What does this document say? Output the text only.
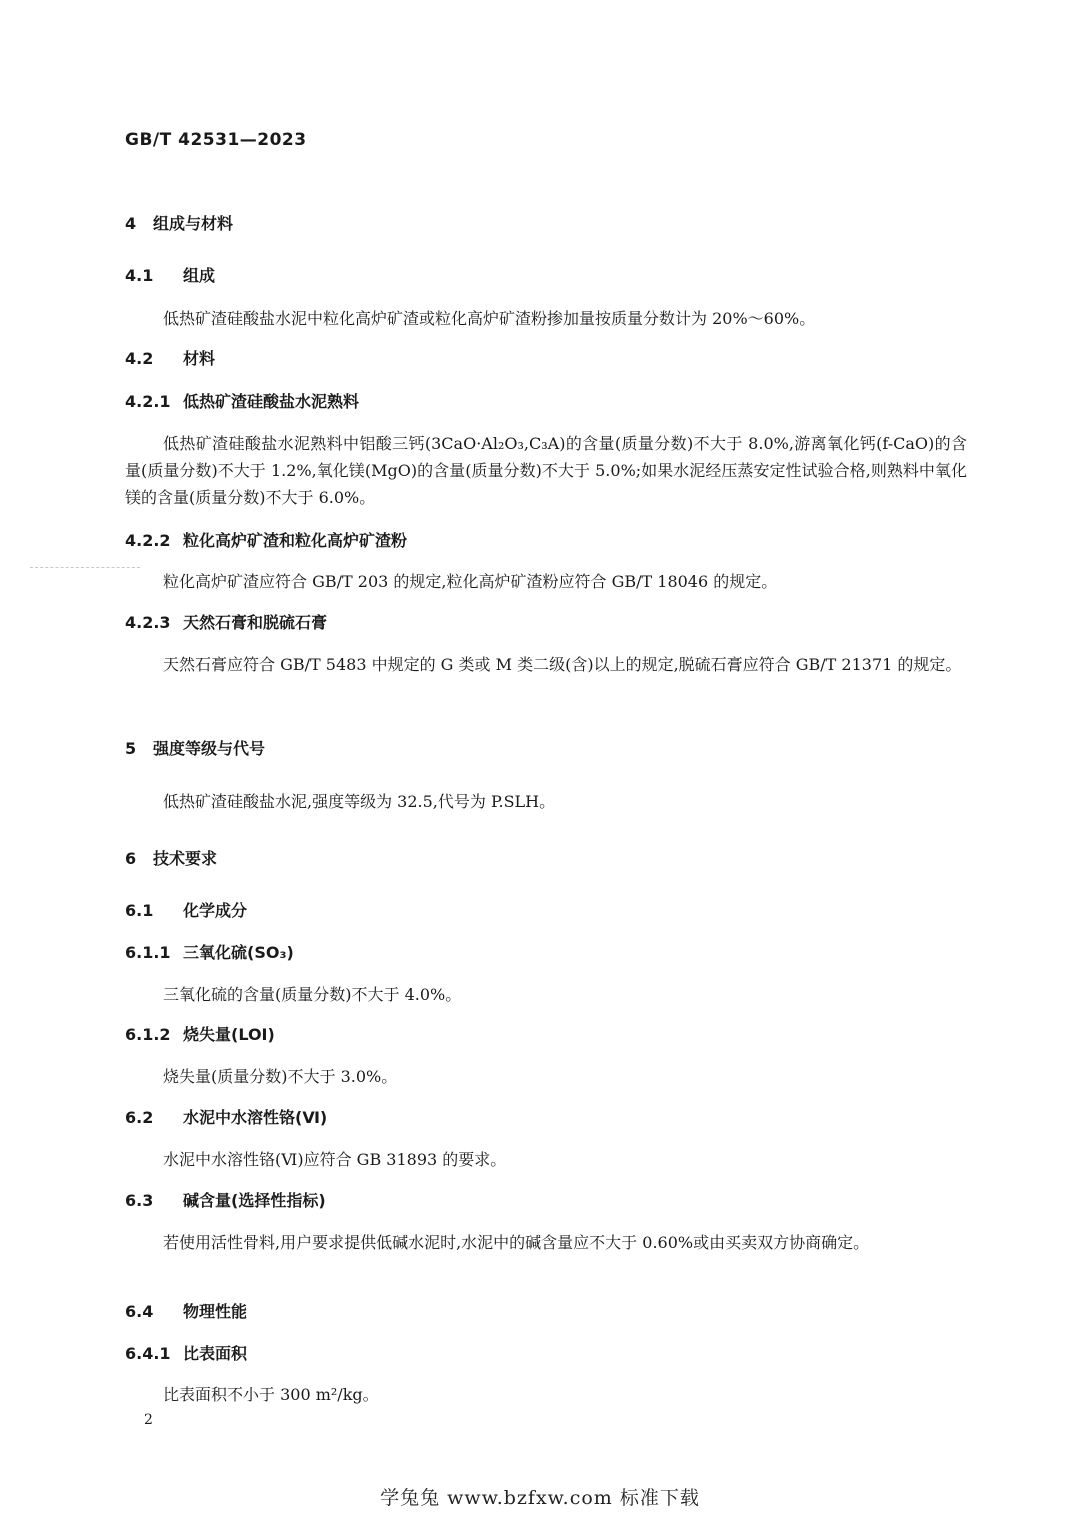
GB/T 42531—2023
4 组成与材料
4.1 组成
低热矿渣硅酸盐水泥中粒化高炉矿渣或粒化高炉矿渣粉掺加量按质量分数计为 20%～60%。
4.2 材料
4.2.1 低热矿渣硅酸盐水泥熟料
低热矿渣硅酸盐水泥熟料中铝酸三钙(3CaO·Al₂O₃,C₃A)的含量(质量分数)不大于 8.0%,游离氧化钙(f-CaO)的含量(质量分数)不大于 1.2%,氧化镁(MgO)的含量(质量分数)不大于 5.0%;如果水泥经压蒸安定性试验合格,则熟料中氧化镁的含量(质量分数)不大于 6.0%。
4.2.2 粒化高炉矿渣和粒化高炉矿渣粉
粒化高炉矿渣应符合 GB/T 203 的规定,粒化高炉矿渣粉应符合 GB/T 18046 的规定。
4.2.3 天然石膏和脱硫石膏
天然石膏应符合 GB/T 5483 中规定的 G 类或 M 类二级(含)以上的规定,脱硫石膏应符合 GB/T 21371 的规定。
5 强度等级与代号
低热矿渣硅酸盐水泥,强度等级为 32.5,代号为 P.SLH。
6 技术要求
6.1 化学成分
6.1.1 三氧化硫(SO₃)
三氧化硫的含量(质量分数)不大于 4.0%。
6.1.2 烧失量(LOI)
烧失量(质量分数)不大于 3.0%。
6.2 水泥中水溶性铬(Ⅵ)
水泥中水溶性铬(Ⅵ)应符合 GB 31893 的要求。
6.3 碱含量(选择性指标)
若使用活性骨料,用户要求提供低碱水泥时,水泥中的碱含量应不大于 0.60%或由买卖双方协商确定。
6.4 物理性能
6.4.1 比表面积
比表面积不小于 300 m²/kg。
2
学兔兔 www.bzfxw.com 标准下载
